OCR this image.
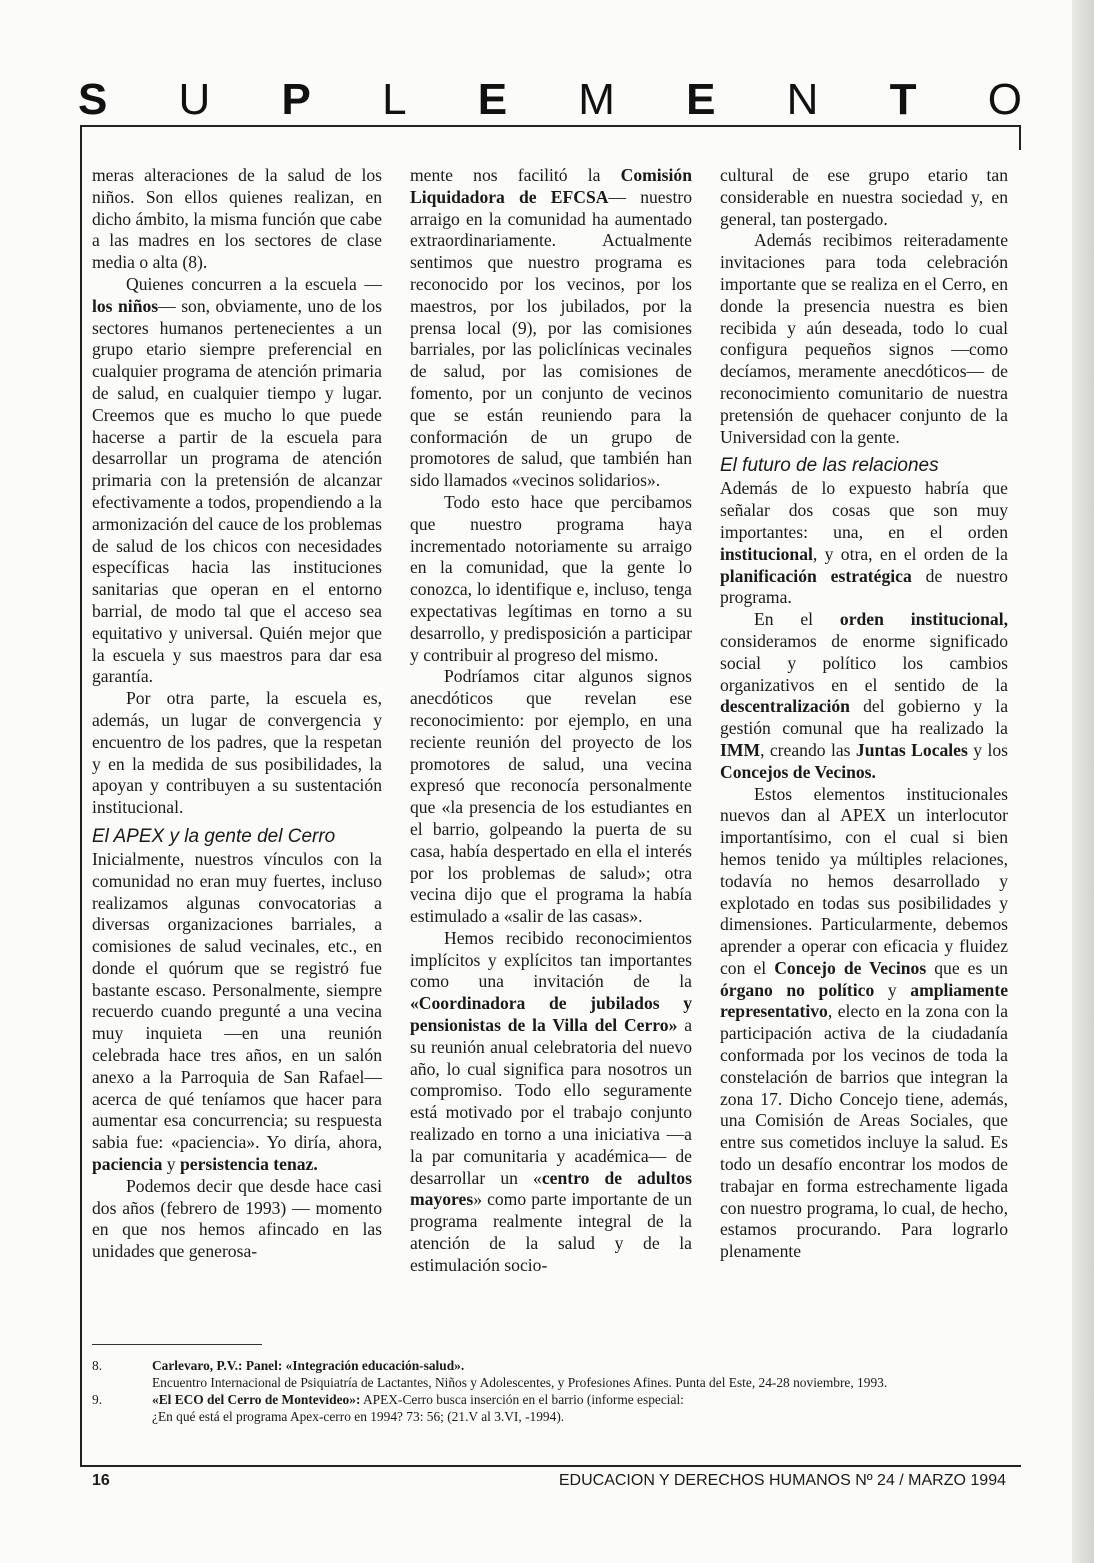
S U P L E M E N T O

meras alteraciones de la salud de los niños. Son ellos quienes realizan, en dicho ámbito, la misma función que cabe a las madres en los sectores de clase media o alta (8).

Quienes concurren a la escuela —los niños— son, obviamente, uno de los sectores humanos pertenecientes a un grupo etario siempre preferencial en cualquier programa de atención primaria de salud, en cualquier tiempo y lugar. Creemos que es mucho lo que puede hacerse a partir de la escuela para desarrollar un programa de atención primaria con la pretensión de alcanzar efectivamente a todos, propendiendo a la armonización del cauce de los problemas de salud de los chicos con necesidades específicas hacia las instituciones sanitarias que operan en el entorno barrial, de modo tal que el acceso sea equitativo y universal. Quién mejor que la escuela y sus maestros para dar esa garantía.

Por otra parte, la escuela es, además, un lugar de convergencia y encuentro de los padres, que la respetan y en la medida de sus posibilidades, la apoyan y contribuyen a su sustentación institucional.

El APEX y la gente del Cerro

Inicialmente, nuestros vínculos con la comunidad no eran muy fuertes, incluso realizamos algunas convocatorias a diversas organizaciones barriales, a comisiones de salud vecinales, etc., en donde el quórum que se registró fue bastante escaso. Personalmente, siempre recuerdo cuando pregunté a una vecina muy inquieta —en una reunión celebrada hace tres años, en un salón anexo a la Parroquia de San Rafael— acerca de qué teníamos que hacer para aumentar esa concurrencia; su respuesta sabia fue: «paciencia». Yo diría, ahora, paciencia y persistencia tenaz.

Podemos decir que desde hace casi dos años (febrero de 1993) — momento en que nos hemos afincado en las unidades que generosa-

mente nos facilitó la Comisión Liquidadora de EFCSA— nuestro arraigo en la comunidad ha aumentado extraordinariamente. Actualmente sentimos que nuestro programa es reconocido por los vecinos, por los maestros, por los jubilados, por la prensa local (9), por las comisiones barriales, por las policlínicas vecinales de salud, por las comisiones de fomento, por un conjunto de vecinos que se están reuniendo para la conformación de un grupo de promotores de salud, que también han sido llamados «vecinos solidarios».

Todo esto hace que percibamos que nuestro programa haya incrementado notoriamente su arraigo en la comunidad, que la gente lo conozca, lo identifique e, incluso, tenga expectativas legítimas en torno a su desarrollo, y predisposición a participar y contribuir al progreso del mismo.

Podríamos citar algunos signos anecdóticos que revelan ese reconocimiento: por ejemplo, en una reciente reunión del proyecto de los promotores de salud, una vecina expresó que reconocía personalmente que «la presencia de los estudiantes en el barrio, golpeando la puerta de su casa, había despertado en ella el interés por los problemas de salud»; otra vecina dijo que el programa la había estimulado a «salir de las casas».

Hemos recibido reconocimientos implícitos y explícitos tan importantes como una invitación de la «Coordinadora de jubilados y pensionistas de la Villa del Cerro» a su reunión anual celebratoria del nuevo año, lo cual significa para nosotros un compromiso. Todo ello seguramente está motivado por el trabajo conjunto realizado en torno a una iniciativa —a la par comunitaria y académica— de desarrollar un «centro de adultos mayores» como parte importante de un programa realmente integral de la atención de la salud y de la estimulación socio-

cultural de ese grupo etario tan considerable en nuestra sociedad y, en general, tan postergado.

Además recibimos reiteradamente invitaciones para toda celebración importante que se realiza en el Cerro, en donde la presencia nuestra es bien recibida y aún deseada, todo lo cual configura pequeños signos —como decíamos, meramente anecdóticos— de reconocimiento comunitario de nuestra pretensión de quehacer conjunto de la Universidad con la gente.

El futuro de las relaciones

Además de lo expuesto habría que señalar dos cosas que son muy importantes: una, en el orden institucional, y otra, en el orden de la planificación estratégica de nuestro programa.

En el orden institucional, consideramos de enorme significado social y político los cambios organizativos en el sentido de la descentralización del gobierno y la gestión comunal que ha realizado la IMM, creando las Juntas Locales y los Concejos de Vecinos.

Estos elementos institucionales nuevos dan al APEX un interlocutor importantísimo, con el cual si bien hemos tenido ya múltiples relaciones, todavía no hemos desarrollado y explotado en todas sus posibilidades y dimensiones. Particularmente, debemos aprender a operar con eficacia y fluidez con el Concejo de Vecinos que es un órgano no político y ampliamente representativo, electo en la zona con la participación activa de la ciudadanía conformada por los vecinos de toda la constelación de barrios que integran la zona 17. Dicho Concejo tiene, además, una Comisión de Areas Sociales, que entre sus cometidos incluye la salud. Es todo un desafío encontrar los modos de trabajar en forma estrechamente ligada con nuestro programa, lo cual, de hecho, estamos procurando. Para lograrlo plenamente

8.	Carlevaro, P.V.: Panel: «Integración educación-salud».
Encuentro Internacional de Psiquiatría de Lactantes, Niños y Adolescentes, y Profesiones Afines. Punta del Este, 24-28 noviembre, 1993.
9.	«El ECO del Cerro de Montevideo»: APEX-Cerro busca inserción en el barrio (informe especial:
¿En qué está el programa Apex-cerro en 1994? 73: 56; (21.V al 3.VI, -1994).
16	EDUCACION Y DERECHOS HUMANOS Nº 24 / MARZO 1994
